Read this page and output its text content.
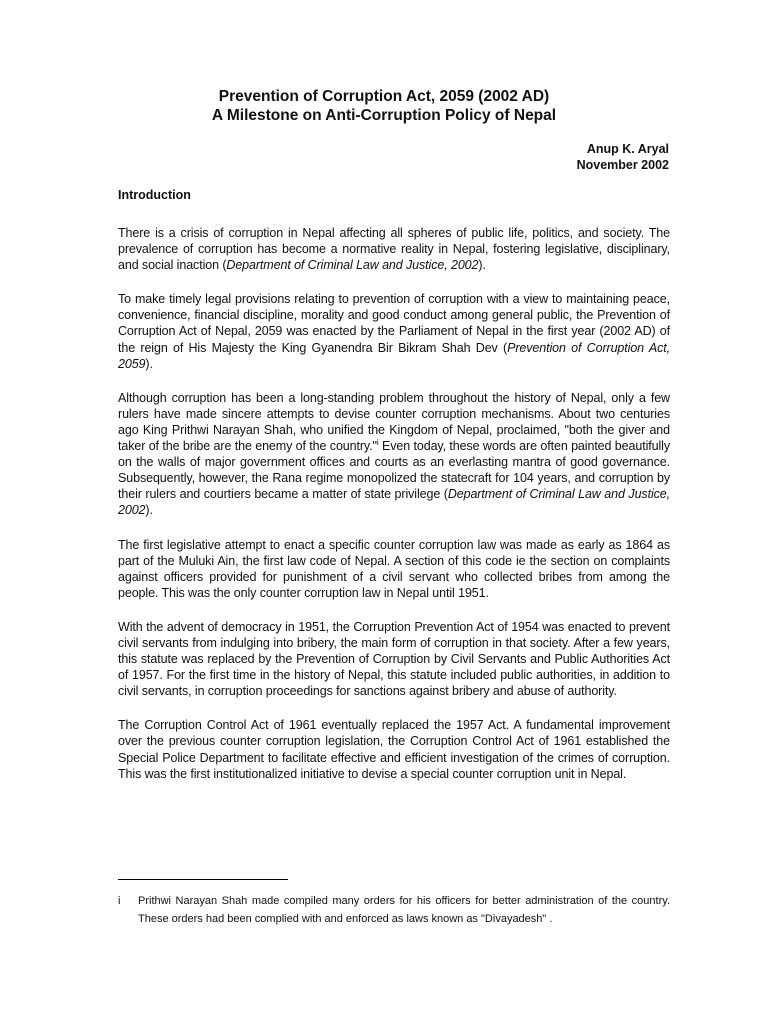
Prevention of Corruption Act, 2059 (2002 AD)
A Milestone on Anti-Corruption Policy of Nepal
Anup K. Aryal
November 2002
Introduction

There is a crisis of corruption in Nepal affecting all spheres of public life, politics, and society. The prevalence of corruption has become a normative reality in Nepal, fostering legislative, disciplinary, and social inaction (Department of Criminal Law and Justice, 2002).

To make timely legal provisions relating to prevention of corruption with a view to maintaining peace, convenience, financial discipline, morality and good conduct among general public, the Prevention of Corruption Act of Nepal, 2059 was enacted by the Parliament of Nepal in the first year (2002 AD) of the reign of His Majesty the King Gyanendra Bir Bikram Shah Dev (Prevention of Corruption Act, 2059).

Although corruption has been a long-standing problem throughout the history of Nepal, only a few rulers have made sincere attempts to devise counter corruption mechanisms. About two centuries ago King Prithwi Narayan Shah, who unified the Kingdom of Nepal, proclaimed, "both the giver and taker of the bribe are the enemy of the country."$^i$ Even today, these words are often painted beautifully on the walls of major government offices and courts as an everlasting mantra of good governance. Subsequently, however, the Rana regime monopolized the statecraft for 104 years, and corruption by their rulers and courtiers became a matter of state privilege (Department of Criminal Law and Justice, 2002).

The first legislative attempt to enact a specific counter corruption law was made as early as 1864 as part of the Muluki Ain, the first law code of Nepal. A section of this code ie the section on complaints against officers provided for punishment of a civil servant who collected bribes from among the people. This was the only counter corruption law in Nepal until 1951.

With the advent of democracy in 1951, the Corruption Prevention Act of 1954 was enacted to prevent civil servants from indulging into bribery, the main form of corruption in that society. After a few years, this statute was replaced by the Prevention of Corruption by Civil Servants and Public Authorities Act of 1957. For the first time in the history of Nepal, this statute included public authorities, in addition to civil servants, in corruption proceedings for sanctions against bribery and abuse of authority.

The Corruption Control Act of 1961 eventually replaced the 1957 Act. A fundamental improvement over the previous counter corruption legislation, the Corruption Control Act of 1961 established the Special Police Department to facilitate effective and efficient investigation of the crimes of corruption. This was the first institutionalized initiative to devise a special counter corruption unit in Nepal.

i Prithwi Narayan Shah made compiled many orders for his officers for better administration of the country. These orders had been complied with and enforced as laws known as "Divayadesh" .
